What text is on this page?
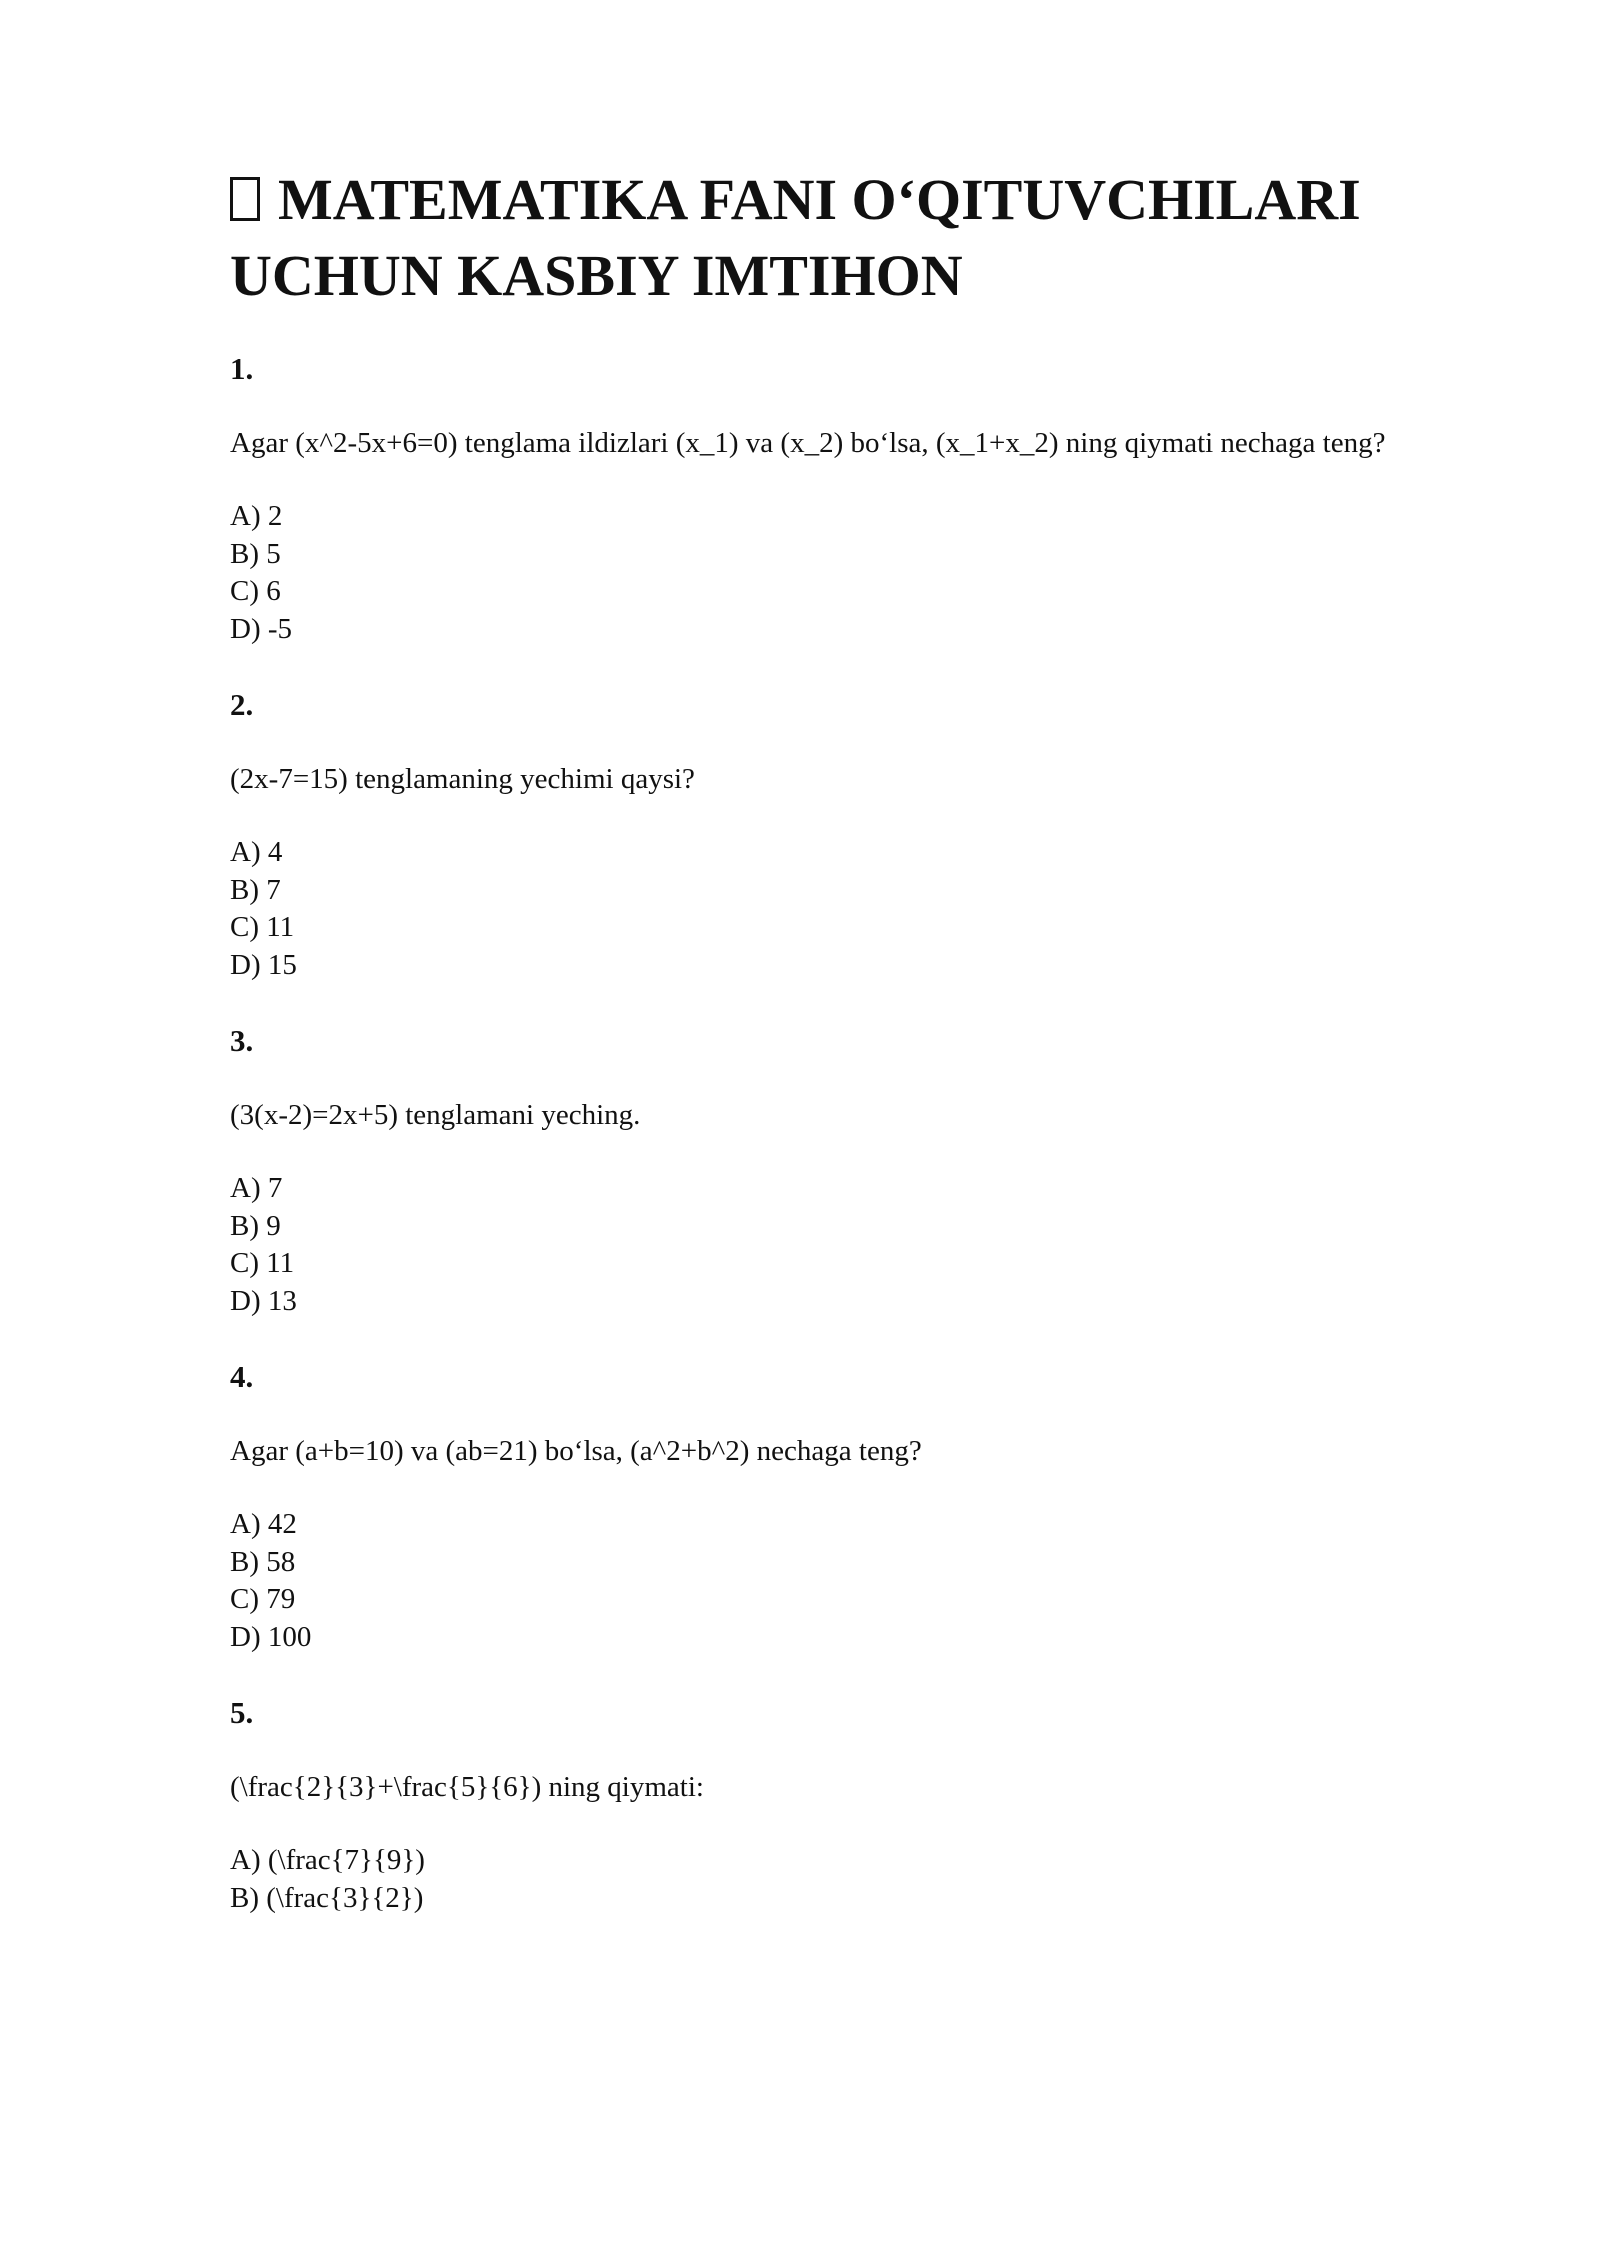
MATEMATIKA FANI O‘QITUVCHILARI UCHUN KASBIY IMTIHON
1.
Agar (x^2-5x+6=0) tenglama ildizlari (x_1) va (x_2) bo‘lsa, (x_1+x_2) ning qiymati nechaga teng?
A) 2
B) 5
C) 6
D) -5
2.
(2x-7=15) tenglamaning yechimi qaysi?
A) 4
B) 7
C) 11
D) 15
3.
(3(x-2)=2x+5) tenglamani yeching.
A) 7
B) 9
C) 11
D) 13
4.
Agar (a+b=10) va (ab=21) bo‘lsa, (a^2+b^2) nechaga teng?
A) 42
B) 58
C) 79
D) 100
5.
(\frac{2}{3}+\frac{5}{6}) ning qiymati:
A) (\frac{7}{9})
B) (\frac{3}{2})
